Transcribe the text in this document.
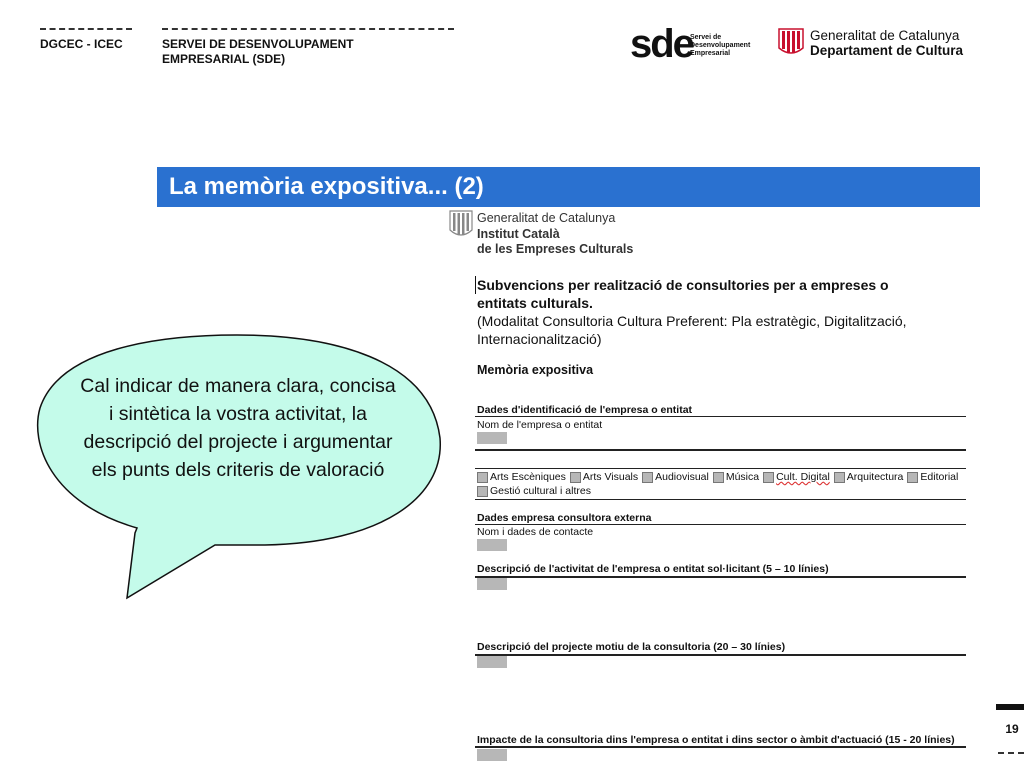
DGCEC - ICEC	SERVEI DE DESENVOLUPAMENT
EMPRESARIAL (SDE)	sde
Servei de
Desenvolupament
Empresarial
Generalitat de Catalunya
Departament de Cultura
La memòria expositiva... (2)
Cal indicar de manera clara, concisa i sintètica la vostra activitat, la descripció del projecte i argumentar els punts dels criteris de valoració
Generalitat de Catalunya
Institut Català
de les Empreses Culturals
Subvencions per realització de consultories per a empreses o
entitats culturals.
(Modalitat Consultoria Cultura Preferent: Pla estratègic, Digitalització,
Internacionalització)
Memòria expositiva
Dades d'identificació de l'empresa o entitat
Nom de l'empresa o entitat
Arts Escèniques Arts Visuals Audiovisual Música Cult. Digital Arquitectura Editorial
Gestió cultural i altres
Dades empresa consultora externa
Nom i dades de contacte
Descripció de l'activitat de l'empresa o entitat sol·licitant (5 – 10 línies)
Descripció del projecte motiu de la consultoria (20 – 30 línies)
Impacte de la consultoria dins l'empresa o entitat i dins sector o àmbit d'actuació (15 - 20 línies)
19
